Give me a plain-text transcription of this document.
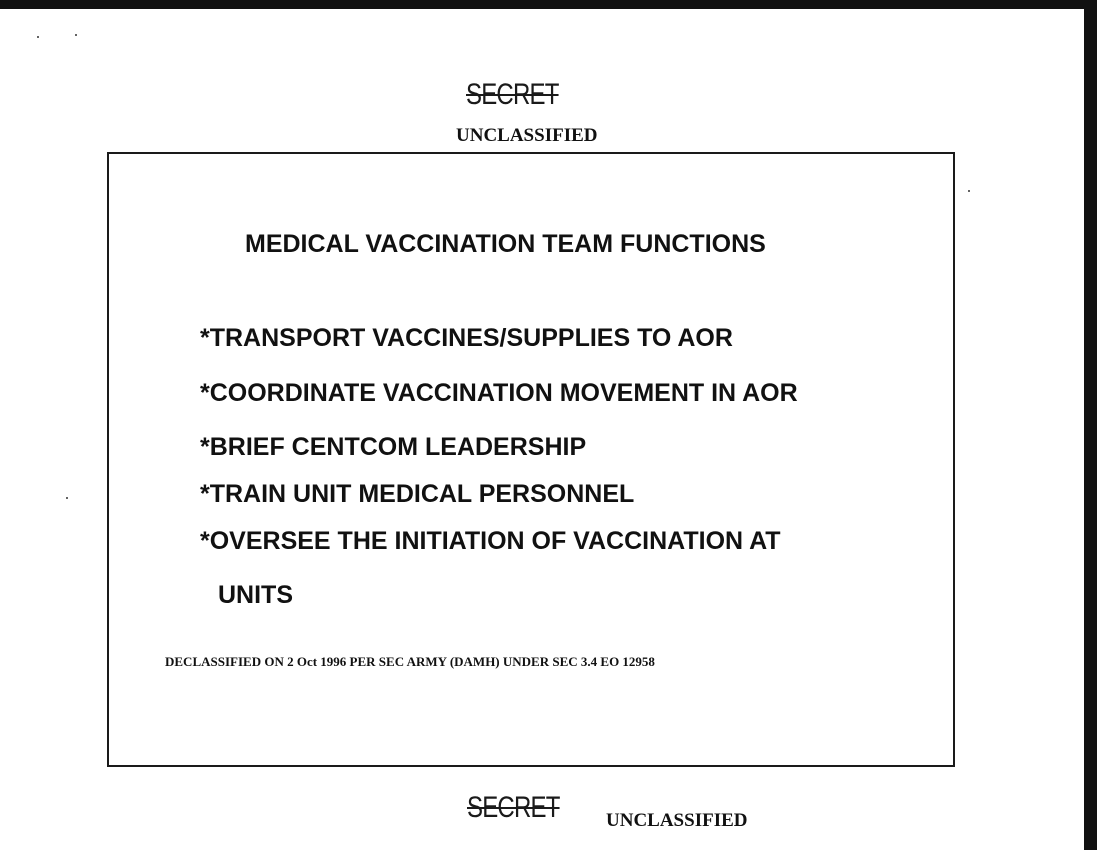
SECRET
UNCLASSIFIED
MEDICAL VACCINATION TEAM FUNCTIONS
*TRANSPORT VACCINES/SUPPLIES TO AOR
*COORDINATE VACCINATION MOVEMENT IN AOR
*BRIEF CENTCOM LEADERSHIP
*TRAIN UNIT MEDICAL PERSONNEL
*OVERSEE THE INITIATION OF VACCINATION AT
UNITS
DECLASSIFIED ON 2 Oct 1996 PER SEC ARMY (DAMH) UNDER SEC 3.4 EO 12958
SECRET UNCLASSIFIED
